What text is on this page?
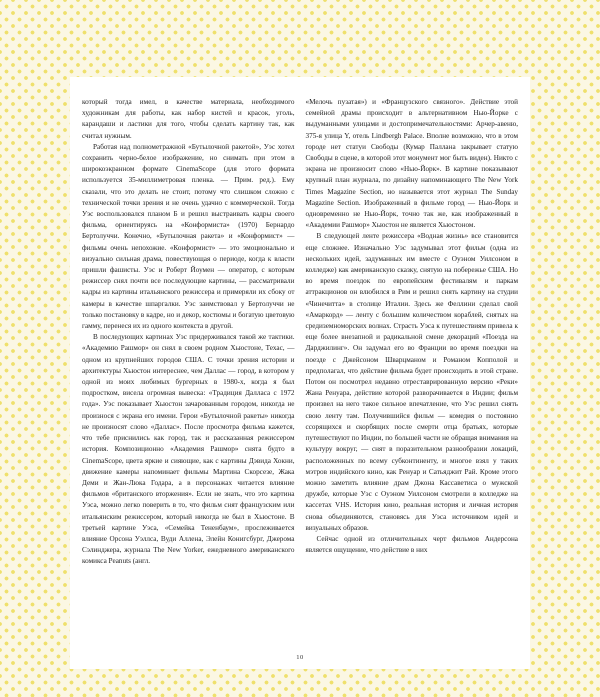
который тогда имел, в качестве материала, необходимого художникам для работы, как набор кистей и красок, уголь, карандаши и ластики для того, чтобы сделать картину так, как считал нужным.

Работая над полнометражной «Бутылочной ракетой», Уэс хотел сохранить черно-белое изображение, но снимать при этом в широкоэкранном формате CinemaScope (для этого формата используется 35-миллиметровая пленка. — Прим. ред.). Ему сказали, что это делать не стоит, потому что слишком сложно с технической точки зрения и не очень удачно с коммерческой. Тогда Уэс воспользовался планом Б и решил выстраивать кадры своего фильма, ориентируясь на «Конформиста» (1970) Бернардо Бертолуччи. Конечно, «Бутылочная ракета» и «Конформист» — фильмы очень непохожие. «Конформист» — это эмоционально и визуально сильная драма, повествующая о периоде, когда к власти пришли фашисты. Уэс и Роберт Йоумен — оператор, с которым режиссер снял почти все последующие картины, — рассматривали кадры из картины итальянского режиссера и примеряли их сбоку от камеры в качестве шпаргалки. Уэс заимствовал у Бертолуччи не только постановку в кадре, но и декор, костюмы и богатую цветовую гамму, перенеся их из одного контекста в другой.

В последующих картинах Уэс придерживался такой же тактики. «Академию Рашмор» он снял в своем родном Хьюстоне, Техас, — одном из крупнейших городов США. С точки зрения истории и архитектуры Хьюстон интереснее, чем Даллас — город, в котором у одной из моих любимых бургерных в 1980-х, когда я был подростком, висела огромная вывеска: «Традиция Далласа с 1972 года». Уэс показывает Хьюстон зачарованным городом, никогда не произнося с экрана его имени. Герои «Бутылочной ракеты» никогда не произносят слово «Даллас». После просмотра фильма кажется, что тебе приснились как город, так и рассказанная режиссером история. Композиционно «Академия Рашмор» снята будто в CinemaScope, цвета яркие и сияющие, как с картины Дэвида Хокни, движение камеры напоминает фильмы Мартина Скорсезе, Жака Деми и Жан-Люка Годара, а в персонажах читается влияние фильмов «британского вторжения». Если не знать, что это картина Уэса, можно легко поверить в то, что фильм снят французским или итальянским режиссером, который никогда не был в Хьюстоне. В третьей картине Уэса, «Семейка Тененбаум», прослеживается влияние Орсона Уэллса, Вуди Аллена, Элейн Конигсбург, Джерома Сэлинджера, журнала The New Yorker, ежедневного американского комикса Peanuts (англ.

«Мелочь пузатая») и «Французского связного». Действие этой семейной драмы происходит в альтернативном Нью-Йорке с выдуманными улицами и достопримечательностями: Арчер-авеню, 375-я улица Y, отель Lindbergh Palace. Вполне возможно, что в этом городе нет статуи Свободы (Кумар Паллана закрывает статую Свободы в сцене, в которой этот монумент мог быть виден). Никто с экрана не произносит слово «Нью-Йорк». В картине показывают крупный план журнала, по дизайну напоминающего The New York Times Magazine Section, но называется этот журнал The Sunday Magazine Section. Изображенный в фильме город — Нью-Йорк и одновременно не Нью-Йорк, точно так же, как изображенный в «Академии Рашмор» Хьюстон не является Хьюстоном.

В следующей ленте режиссера «Водная жизнь» все становится еще сложнее. Изначально Уэс задумывал этот фильм (одна из нескольких идей, задуманных им вместе с Оуэном Уилсоном в колледже) как американскую сказку, снятую на побережье США. Но во время поездок по европейским фестивалям и паркам аттракционов он влюбился в Рим и решил снять картину на студии «Чинечитта» в столице Италии. Здесь же Феллини сделал свой «Амаркорд» — ленту с большим количеством кораблей, снятых на средиземноморских волнах. Страсть Уэса к путешествиям привела к еще более внезапной и радикальной смене декораций «Поезда на Дарджилинг». Он задумал его во Франции во время поездки на поезде с Джейсоном Шварцманом и Романом Копполой и предполагал, что действие фильма будет происходить в этой стране. Потом он посмотрел недавно отреставрированную версию «Реки» Жана Ренуара, действие которой разворачивается в Индии; фильм произвел на него такое сильное впечатление, что Уэс решил снять свою ленту там. Получившийся фильм — комедия о постоянно ссорящихся и скорбящих после смерти отца братьях, которые путешествуют по Индии, по большей части не обращая внимания на культуру вокруг, — снят в поразительном разнообразии локаций, расположенных по всему субконтиненту, и многое взял у таких мэтров индийского кино, как Ренуар и Сатьяджит Рай. Кроме этого можно заметить влияние драм Джона Кассаветиса о мужской дружбе, которые Уэс с Оуэном Уилсоном смотрели в колледже на кассетах VHS. История кино, реальная история и личная история снова объединяются, становясь для Уэса источником идей и визуальных образов.

Сейчас одной из отличительных черт фильмов Андерсона является ощущение, что действие в них

10
